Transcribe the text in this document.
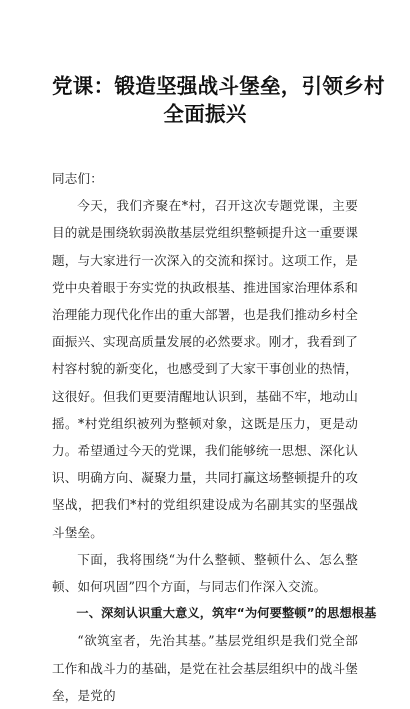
党课：锻造坚强战斗堡垒，引领乡村
全面振兴

同志们：

今天，我们齐聚在*村，召开这次专题党课，主要目的就是围绕软弱涣散基层党组织整顿提升这一重要课题，与大家进行一次深入的交流和探讨。这项工作，是党中央着眼于夯实党的执政根基、推进国家治理体系和治理能力现代化作出的重大部署，也是我们推动乡村全面振兴、实现高质量发展的必然要求。刚才，我看到了村容村貌的新变化，也感受到了大家干事创业的热情，这很好。但我们更要清醒地认识到，基础不牢，地动山摇。*村党组织被列为整顿对象，这既是压力，更是动力。希望通过今天的党课，我们能够统一思想、深化认识、明确方向、凝聚力量，共同打赢这场整顿提升的攻坚战，把我们*村的党组织建设成为名副其实的坚强战斗堡垒。

下面，我将围绕“为什么整顿、整顿什么、怎么整顿、如何巩固”四个方面，与同志们作深入交流。

一、深刻认识重大意义，筑牢“为何要整顿”的思想根基

“欲筑室者，先治其基。”基层党组织是我们党全部工作和战斗力的基础，是党在社会基层组织中的战斗堡垒，是党的
